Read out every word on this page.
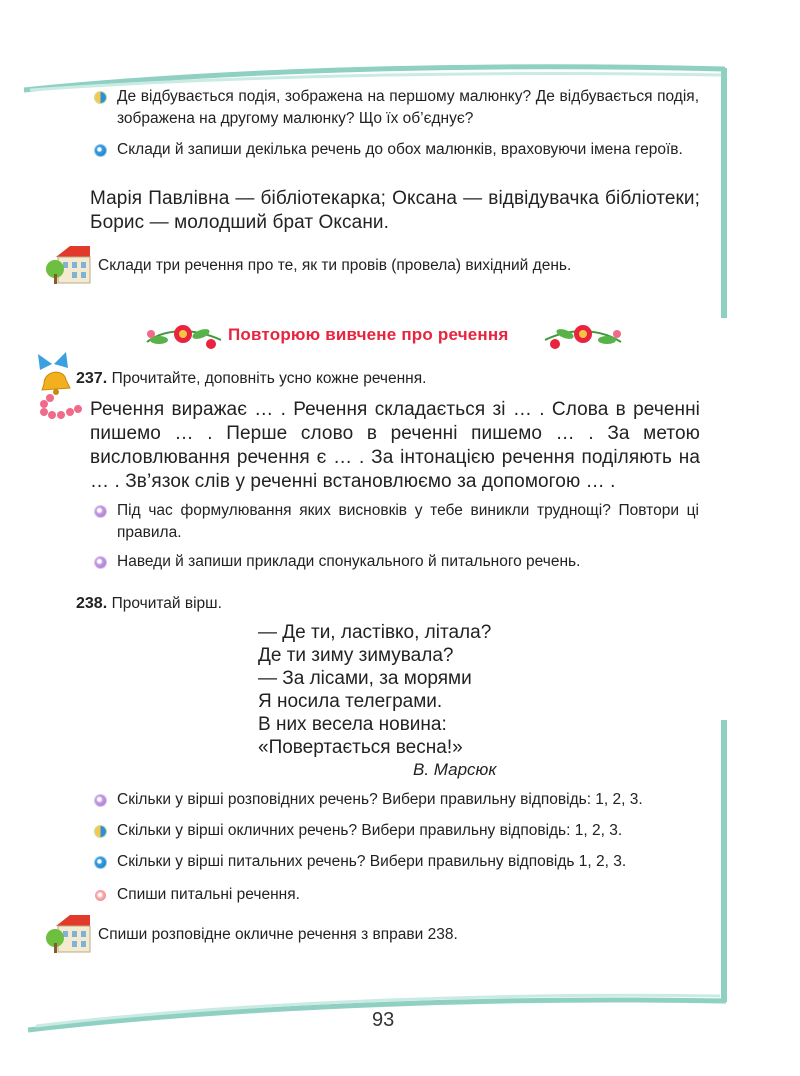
Де відбувається подія, зображена на першому малюнку? Де відбувається подія, зображена на другому малюнку? Що їх об’єднує?
Склади й запиши декілька речень до обох малюнків, враховуючи імена героїв.
Марія Павлівна — бібліотекарка; Оксана — відвідувачка бібліотеки; Борис — молодший брат Оксани.
Склади три речення про те, як ти провів (провела) вихідний день.
Повторюю вивчене про речення
237. Прочитайте, доповніть усно кожне речення.
Речення виражає … . Речення складається зі … . Слова в реченні пишемо … . Перше слово в реченні пишемо … . За метою висловлювання речення є … . За інтонацією речення поділяють на … . Зв’язок слів у реченні встановлюємо за допомогою … .
Під час формулювання яких висновків у тебе виникли труднощі? Повтори ці правила.
Наведи й запиши приклади спонукального й питального речень.
238. Прочитай вірш.
— Де ти, ластівко, літала?
Де ти зиму зимувала?
— За лісами, за морями
Я носила телеграми.
В них весела новина:
«Повертається весна!»
В. Марсюк
Скільки у вірші розповідних речень? Вибери правильну відповідь: 1, 2, 3.
Скільки у вірші окличних речень? Вибери правильну відповідь: 1, 2, 3.
Скільки у вірші питальних речень? Вибери правильну відповідь 1, 2, 3.
Спиши питальні речення.
Спиши розповідне окличне речення з вправи 238.
93
